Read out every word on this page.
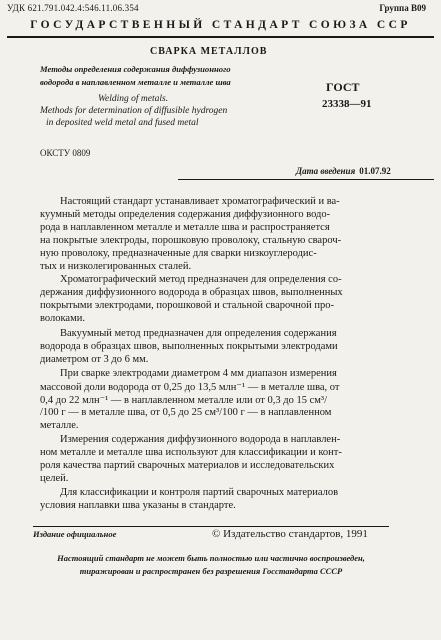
УДК 621.791.042.4:546.11.06.354	Группа В09
ГОСУДАРСТВЕННЫЙ СТАНДАРТ СОЮЗА ССР
СВАРКА МЕТАЛЛОВ
Методы определения содержания диффузионного
водорода в наплавленном металле и металле шва
Welding of metals.
Methods for determination of diffusible hydrogen
in deposited weld metal and fused metal
ГОСТ
23338—91
ОКСТУ 0809
Дата введения 01.07.92
Настоящий стандарт устанавливает хроматографический и ва-
куумный методы определения содержания диффузионного водо-
рода в наплавленном металле и металле шва и распространяется
на покрытые электроды, порошковую проволоку, стальную свароч-
ную проволоку, предназначенные для сварки низкоуглеродис-
тых и низколегированных сталей.
Хроматографический метод предназначен для определения со-
держания диффузионного водорода в образцах швов, выполненных
покрытыми электродами, порошковой и стальной сварочной про-
волоками.
Вакуумный метод предназначен для определения содержания
водорода в образцах швов, выполненных покрытыми электродами
диаметром от 3 до 6 мм.
При сварке электродами диаметром 4 мм диапазон измерения
массовой доли водорода от 0,25 до 13,5 млн⁻¹ — в металле шва, от
0,4 до 22 млн⁻¹ — в наплавленном металле или от 0,3 до 15 см³/
/100 г — в металле шва, от 0,5 до 25 см³/100 г — в наплавленном
металле.
Измерения содержания диффузионного водорода в наплавлен-
ном металле и металле шва используют для классификации и конт-
роля качества партий сварочных материалов и исследовательских
целей.
Для классификации и контроля партий сварочных материалов
условия наплавки шва указаны в стандарте.
Издание официальное	© Издательство стандартов, 1991
Настоящий стандарт не может быть полностью или частично воспроизведен,
тиражирован и распространен без разрешения Госстандарта СССР
